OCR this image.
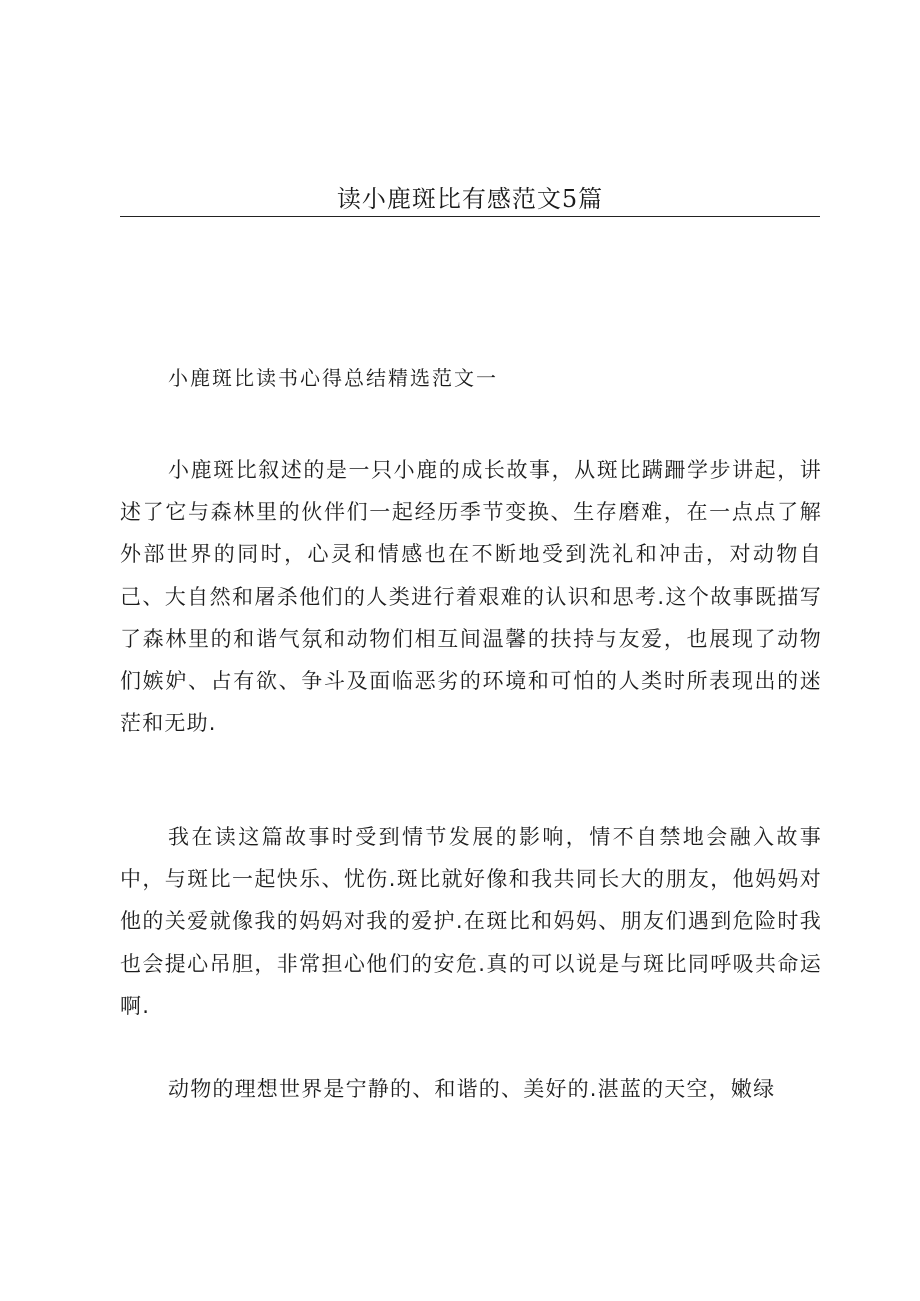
读小鹿斑比有感范文5篇
小鹿斑比读书心得总结精选范文一

小鹿斑比叙述的是一只小鹿的成长故事，从斑比蹒跚学步讲起，讲述了它与森林里的伙伴们一起经历季节变换、生存磨难，在一点点了解外部世界的同时，心灵和情感也在不断地受到洗礼和冲击，对动物自己、大自然和屠杀他们的人类进行着艰难的认识和思考.这个故事既描写了森林里的和谐气氛和动物们相互间温馨的扶持与友爱，也展现了动物们嫉妒、占有欲、争斗及面临恶劣的环境和可怕的人类时所表现出的迷茫和无助.

我在读这篇故事时受到情节发展的影响，情不自禁地会融入故事中，与斑比一起快乐、忧伤.斑比就好像和我共同长大的朋友，他妈妈对他的关爱就像我的妈妈对我的爱护.在斑比和妈妈、朋友们遇到危险时我也会提心吊胆，非常担心他们的安危.真的可以说是与斑比同呼吸共命运啊.

动物的理想世界是宁静的、和谐的、美好的.湛蓝的天空，嫩绿
